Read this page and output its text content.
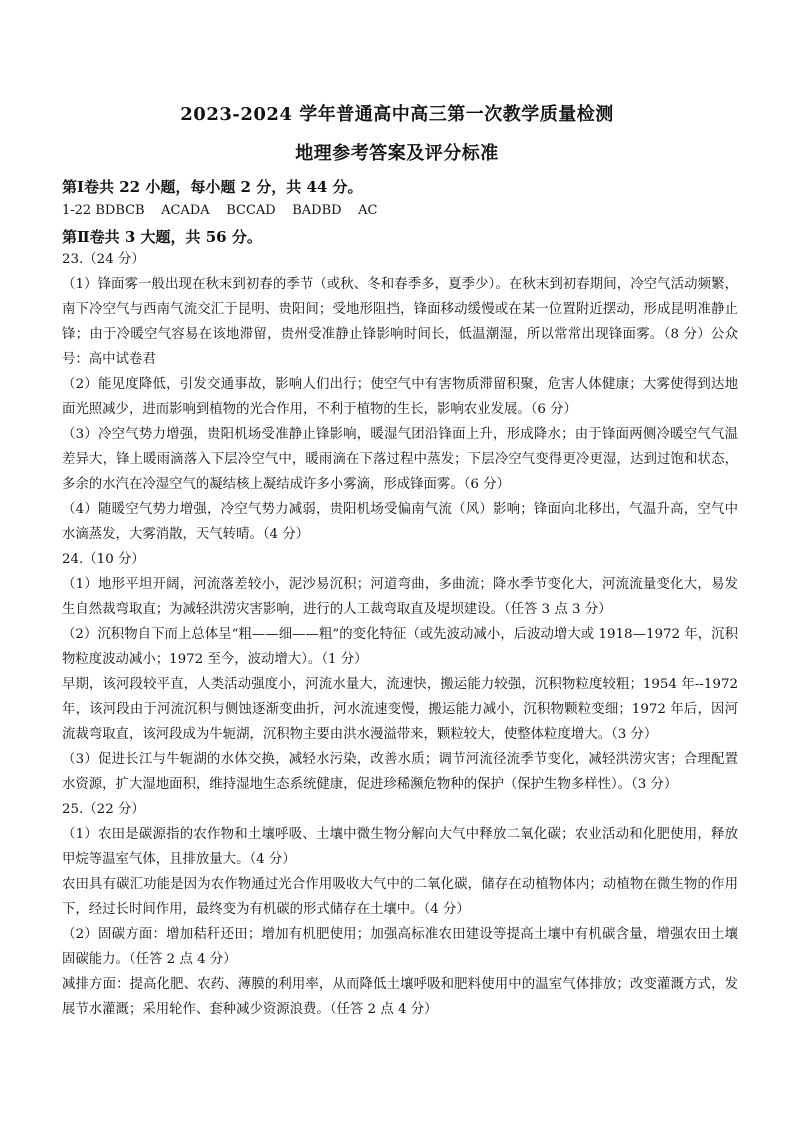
2023-2024 学年普通高中高三第一次教学质量检测
地理参考答案及评分标准
第Ⅰ卷共 22 小题，每小题 2 分，共 44 分。
1-22 BDBCB    ACADA    BCCAD    BADBD    AC
第Ⅱ卷共 3 大题，共 56 分。

23.（24 分）

（1）锋面雾一般出现在秋末到初春的季节（或秋、冬和春季多，夏季少）。在秋末到初春期间，冷空气活动频繁，南下冷空气与西南气流交汇于昆明、贵阳间；受地形阻挡，锋面移动缓慢或在某一位置附近摆动，形成昆明准静止锋；由于冷暖空气容易在该地滞留，贵州受准静止锋影响时间长，低温潮湿，所以常常出现锋面雾。（8 分）公众号：高中试卷君

（2）能见度降低，引发交通事故，影响人们出行；使空气中有害物质滞留积聚，危害人体健康；大雾使得到达地面光照减少，进而影响到植物的光合作用，不利于植物的生长，影响农业发展。（6 分）

（3）冷空气势力增强，贵阳机场受准静止锋影响，暖湿气团沿锋面上升，形成降水；由于锋面两侧冷暖空气气温差异大，锋上暖雨滴落入下层冷空气中，暖雨滴在下落过程中蒸发；下层冷空气变得更冷更湿，达到过饱和状态，多余的水汽在冷湿空气的凝结核上凝结成许多小雾滴，形成锋面雾。（6 分）

（4）随暖空气势力增强，冷空气势力减弱，贵阳机场受偏南气流（风）影响；锋面向北移出，气温升高，空气中水滴蒸发，大雾消散，天气转晴。（4 分）

24.（10 分）

（1）地形平坦开阔，河流落差较小，泥沙易沉积；河道弯曲，多曲流；降水季节变化大，河流流量变化大，易发生自然裁弯取直；为减轻洪涝灾害影响，进行的人工裁弯取直及堤坝建设。（任答 3 点 3 分）

（2）沉积物自下而上总体呈“粗——细——粗”的变化特征（或先波动减小，后波动增大或 1918—1972 年，沉积物粒度波动减小；1972 至今，波动增大）。（1 分）

早期，该河段较平直，人类活动强度小，河流水量大，流速快，搬运能力较强，沉积物粒度较粗；1954 年--1972 年，该河段由于河流沉积与侧蚀逐渐变曲折，河水流速变慢，搬运能力减小，沉积物颗粒变细；1972 年后，因河流裁弯取直，该河段成为牛轭湖，沉积物主要由洪水漫溢带来，颗粒较大，使整体粒度增大。（3 分）

（3）促进长江与牛轭湖的水体交换，减轻水污染，改善水质；调节河流径流季节变化，减轻洪涝灾害；合理配置水资源，扩大湿地面积，维持湿地生态系统健康，促进珍稀濒危物种的保护（保护生物多样性）。（3 分）

25.（22 分）

（1）农田是碳源指的农作物和土壤呼吸、土壤中微生物分解向大气中释放二氧化碳；农业活动和化肥使用，释放甲烷等温室气体，且排放量大。（4 分）

农田具有碳汇功能是因为农作物通过光合作用吸收大气中的二氧化碳，储存在动植物体内；动植物在微生物的作用下，经过长时间作用，最终变为有机碳的形式储存在土壤中。（4 分）

（2）固碳方面：增加秸秆还田；增加有机肥使用；加强高标准农田建设等提高土壤中有机碳含量，增强农田土壤固碳能力。（任答 2 点 4 分）

减排方面：提高化肥、农药、薄膜的利用率，从而降低土壤呼吸和肥料使用中的温室气体排放；改变灌溉方式，发展节水灌溉；采用轮作、套种减少资源浪费。（任答 2 点 4 分）
